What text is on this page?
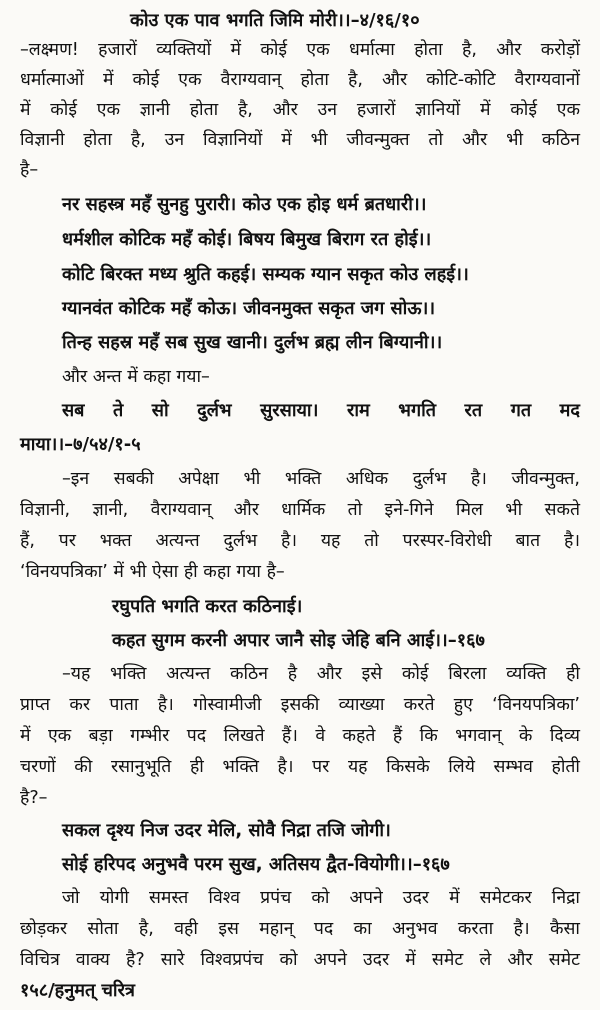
कोउ एक पाव भगति जिमि मोरी।।–४/१६/१०
–लक्ष्मण! हजारों व्यक्तियों में कोई एक धर्मात्मा होता है, और करोड़ों
धर्मात्माओं में कोई एक वैराग्यवान् होता है, और कोटि-कोटि वैराग्यवानों
में कोई एक ज्ञानी होता है, और उन हजारों ज्ञानियों में कोई एक
विज्ञानी होता है, उन विज्ञानियों में भी जीवन्मुक्त तो और भी कठिन
है–
नर सहस्त्र महँ सुनहु पुरारी। कोउ एक होइ धर्म ब्रतधारी।।
धर्मशील कोटिक महँ कोई। बिषय बिमुख बिराग रत होई।।
कोटि बिरक्त मध्य श्रुति कहई। सम्यक ग्यान सकृत कोउ लहई।।
ग्यानवंत कोटिक महँ कोऊ। जीवनमुक्त सकृत जग सोऊ।।
तिन्ह सहस्र महँ सब सुख खानी। दुर्लभ ब्रह्म लीन बिग्यानी।।
और अन्त में कहा गया–
सब ते सो दुर्लभ सुरसाया। राम भगति रत गत मद
माया।।–७/५४/१-५
–इन सबकी अपेक्षा भी भक्ति अधिक दुर्लभ है। जीवन्मुक्त,
विज्ञानी, ज्ञानी, वैराग्यवान् और धार्मिक तो इने-गिने मिल भी सकते
हैं, पर भक्त अत्यन्त दुर्लभ है। यह तो परस्पर-विरोधी बात है।
‘विनयपत्रिका’ में भी ऐसा ही कहा गया है–
रघुपति भगति करत कठिनाई।
कहत सुगम करनी अपार जानै सोइ जेहि बनि आई।।–१६७
–यह भक्ति अत्यन्त कठिन है और इसे कोई बिरला व्यक्ति ही
प्राप्त कर पाता है। गोस्वामीजी इसकी व्याख्या करते हुए ‘विनयपत्रिका’
में एक बड़ा गम्भीर पद लिखते हैं। वे कहते हैं कि भगवान् के दिव्य
चरणों की रसानुभूति ही भक्ति है। पर यह किसके लिये सम्भव होती
है?–
सकल दृश्य निज उदर मेलि, सोवै निद्रा तजि जोगी।
सोई हरिपद अनुभवै परम सुख, अतिसय द्वैत-वियोगी।।–१६७
जो योगी समस्त विश्व प्रपंच को अपने उदर में समेटकर निद्रा
छोड़कर सोता है, वही इस महान् पद का अनुभव करता है। कैसा
विचित्र वाक्य है? सारे विश्वप्रपंच को अपने उदर में समेट ले और समेट
१५८/हनुमत् चरित्र
